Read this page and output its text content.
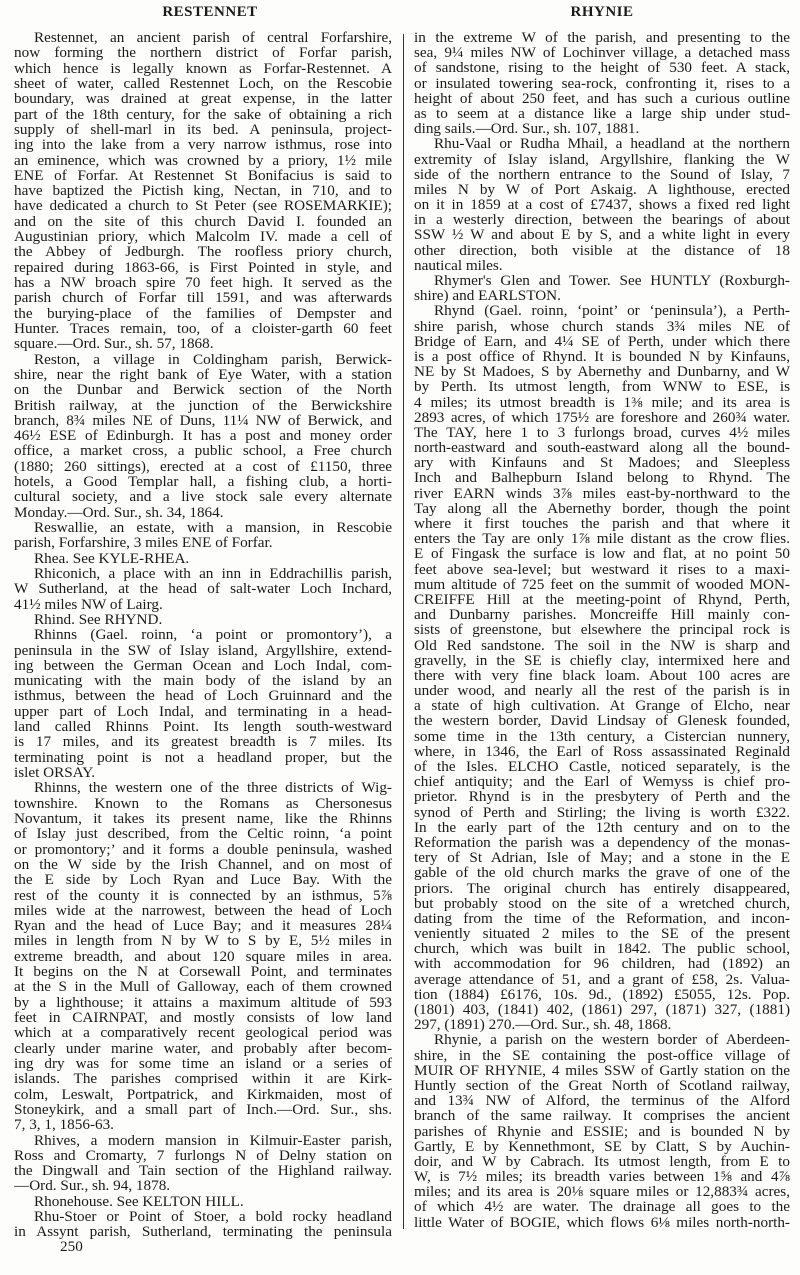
RESTENNET	RHYNIE
Restennet, an ancient parish of central Forfarshire,
now forming the northern district of Forfar parish,
which hence is legally known as Forfar-Restennet. A
sheet of water, called Restennet Loch, on the Rescobie
boundary, was drained at great expense, in the latter
part of the 18th century, for the sake of obtaining a rich
supply of shell-marl in its bed. A peninsula, project-
ing into the lake from a very narrow isthmus, rose into
an eminence, which was crowned by a priory, 1½ mile
ENE of Forfar. At Restennet St Bonifacius is said to
have baptized the Pictish king, Nectan, in 710, and to
have dedicated a church to St Peter (see ROSEMARKIE);
and on the site of this church David I. founded an
Augustinian priory, which Malcolm IV. made a cell of
the Abbey of Jedburgh. The roofless priory church,
repaired during 1863-66, is First Pointed in style, and
has a NW broach spire 70 feet high. It served as the
parish church of Forfar till 1591, and was afterwards
the burying-place of the families of Dempster and
Hunter. Traces remain, too, of a cloister-garth 60 feet
square.—Ord. Sur., sh. 57, 1868.
Reston, a village in Coldingham parish, Berwick-
shire, near the right bank of Eye Water, with a station
on the Dunbar and Berwick section of the North
British railway, at the junction of the Berwickshire
branch, 8¾ miles NE of Duns, 11¼ NW of Berwick, and
46½ ESE of Edinburgh. It has a post and money order
office, a market cross, a public school, a Free church
(1880; 260 sittings), erected at a cost of £1150, three
hotels, a Good Templar hall, a fishing club, a horti-
cultural society, and a live stock sale every alternate
Monday.—Ord. Sur., sh. 34, 1864.
Reswallie, an estate, with a mansion, in Rescobie
parish, Forfarshire, 3 miles ENE of Forfar.
Rhea. See KYLE-RHEA.
Rhiconich, a place with an inn in Eddrachillis parish,
W Sutherland, at the head of salt-water Loch Inchard,
41½ miles NW of Lairg.
Rhind. See RHYND.
Rhinns (Gael. roinn, ‘a point or promontory’), a
peninsula in the SW of Islay island, Argyllshire, extend-
ing between the German Ocean and Loch Indal, com-
municating with the main body of the island by an
isthmus, between the head of Loch Gruinnard and the
upper part of Loch Indal, and terminating in a head-
land called Rhinns Point. Its length south-westward
is 17 miles, and its greatest breadth is 7 miles. Its
terminating point is not a headland proper, but the
islet ORSAY.
Rhinns, the western one of the three districts of Wig-
townshire. Known to the Romans as Chersonesus
Novantum, it takes its present name, like the Rhinns
of Islay just described, from the Celtic roinn, ‘a point
or promontory;’ and it forms a double peninsula, washed
on the W side by the Irish Channel, and on most of
the E side by Loch Ryan and Luce Bay. With the
rest of the county it is connected by an isthmus, 5⅞
miles wide at the narrowest, between the head of Loch
Ryan and the head of Luce Bay; and it measures 28¼
miles in length from N by W to S by E, 5½ miles in
extreme breadth, and about 120 square miles in area.
It begins on the N at Corsewall Point, and terminates
at the S in the Mull of Galloway, each of them crowned
by a lighthouse; it attains a maximum altitude of 593
feet in CAIRNPAT, and mostly consists of low land
which at a comparatively recent geological period was
clearly under marine water, and probably after becom-
ing dry was for some time an island or a series of
islands. The parishes comprised within it are Kirk-
colm, Leswalt, Portpatrick, and Kirkmaiden, most of
Stoneykirk, and a small part of Inch.—Ord. Sur., shs.
7, 3, 1, 1856-63.
Rhives, a modern mansion in Kilmuir-Easter parish,
Ross and Cromarty, 7 furlongs N of Delny station on
the Dingwall and Tain section of the Highland railway.
—Ord. Sur., sh. 94, 1878.
Rhonehouse. See KELTON HILL.
Rhu-Stoer or Point of Stoer, a bold rocky headland
in Assynt parish, Sutherland, terminating the peninsula
in the extreme W of the parish, and presenting to the
sea, 9¼ miles NW of Lochinver village, a detached mass
of sandstone, rising to the height of 530 feet. A stack,
or insulated towering sea-rock, confronting it, rises to a
height of about 250 feet, and has such a curious outline
as to seem at a distance like a large ship under stud-
ding sails.—Ord. Sur., sh. 107, 1881.
Rhu-Vaal or Rudha Mhail, a headland at the northern
extremity of Islay island, Argyllshire, flanking the W
side of the northern entrance to the Sound of Islay, 7
miles N by W of Port Askaig. A lighthouse, erected
on it in 1859 at a cost of £7437, shows a fixed red light
in a westerly direction, between the bearings of about
SSW ½ W and about E by S, and a white light in every
other direction, both visible at the distance of 18
nautical miles.
Rhymer's Glen and Tower. See HUNTLY (Roxburgh-
shire) and EARLSTON.
Rhynd (Gael. roinn, ‘point’ or ‘peninsula’), a Perth-
shire parish, whose church stands 3¾ miles NE of
Bridge of Earn, and 4¼ SE of Perth, under which there
is a post office of Rhynd. It is bounded N by Kinfauns,
NE by St Madoes, S by Abernethy and Dunbarny, and W
by Perth. Its utmost length, from WNW to ESE, is
4 miles; its utmost breadth is 1⅜ mile; and its area is
2893 acres, of which 175½ are foreshore and 260¾ water.
The TAY, here 1 to 3 furlongs broad, curves 4½ miles
north-eastward and south-eastward along all the bound-
ary with Kinfauns and St Madoes; and Sleepless
Inch and Balhepburn Island belong to Rhynd. The
river EARN winds 3⅞ miles east-by-northward to the
Tay along all the Abernethy border, though the point
where it first touches the parish and that where it
enters the Tay are only 1⅞ mile distant as the crow flies.
E of Fingask the surface is low and flat, at no point 50
feet above sea-level; but westward it rises to a maxi-
mum altitude of 725 feet on the summit of wooded MON-
CREIFFE Hill at the meeting-point of Rhynd, Perth,
and Dunbarny parishes. Moncreiffe Hill mainly con-
sists of greenstone, but elsewhere the principal rock is
Old Red sandstone. The soil in the NW is sharp and
gravelly, in the SE is chiefly clay, intermixed here and
there with very fine black loam. About 100 acres are
under wood, and nearly all the rest of the parish is in
a state of high cultivation. At Grange of Elcho, near
the western border, David Lindsay of Glenesk founded,
some time in the 13th century, a Cistercian nunnery,
where, in 1346, the Earl of Ross assassinated Reginald
of the Isles. ELCHO Castle, noticed separately, is the
chief antiquity; and the Earl of Wemyss is chief pro-
prietor. Rhynd is in the presbytery of Perth and the
synod of Perth and Stirling; the living is worth £322.
In the early part of the 12th century and on to the
Reformation the parish was a dependency of the monas-
tery of St Adrian, Isle of May; and a stone in the E
gable of the old church marks the grave of one of the
priors. The original church has entirely disappeared,
but probably stood on the site of a wretched church,
dating from the time of the Reformation, and incon-
veniently situated 2 miles to the SE of the present
church, which was built in 1842. The public school,
with accommodation for 96 children, had (1892) an
average attendance of 51, and a grant of £58, 2s. Valua-
tion (1884) £6176, 10s. 9d., (1892) £5055, 12s. Pop.
(1801) 403, (1841) 402, (1861) 297, (1871) 327, (1881)
297, (1891) 270.—Ord. Sur., sh. 48, 1868.
Rhynie, a parish on the western border of Aberdeen-
shire, in the SE containing the post-office village of
MUIR OF RHYNIE, 4 miles SSW of Gartly station on the
Huntly section of the Great North of Scotland railway,
and 13¾ NW of Alford, the terminus of the Alford
branch of the same railway. It comprises the ancient
parishes of Rhynie and ESSIE; and is bounded N by
Gartly, E by Kennethmont, SE by Clatt, S by Auchin-
doir, and W by Cabrach. Its utmost length, from E to
W, is 7½ miles; its breadth varies between 1⅝ and 4⅞
miles; and its area is 20⅛ square miles or 12,883¾ acres,
of which 4½ are water. The drainage all goes to the
little Water of BOGIE, which flows 6⅛ miles north-north-
250
